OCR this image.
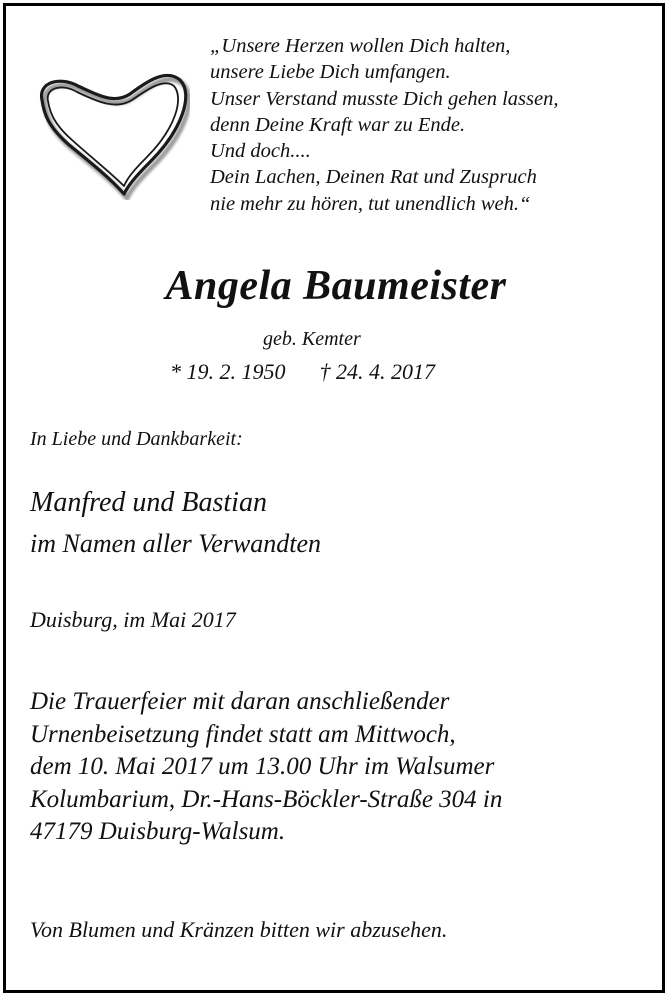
„Unsere Herzen wollen Dich halten,
unsere Liebe Dich umfangen.
Unser Verstand musste Dich gehen lassen,
denn Deine Kraft war zu Ende.
Und doch....
Dein Lachen, Deinen Rat und Zuspruch
nie mehr zu hören, tut unendlich weh.“
Angela Baumeister
geb. Kemter
* 19. 2. 1950 † 24. 4. 2017
In Liebe und Dankbarkeit:
Manfred und Bastian
im Namen aller Verwandten
Duisburg, im Mai 2017
Die Trauerfeier mit daran anschließender
Urnenbeisetzung findet statt am Mittwoch,
dem 10. Mai 2017 um 13.00 Uhr im Walsumer
Kolumbarium, Dr.-Hans-Böckler-Straße 304 in
47179 Duisburg-Walsum.
Von Blumen und Kränzen bitten wir abzusehen.
